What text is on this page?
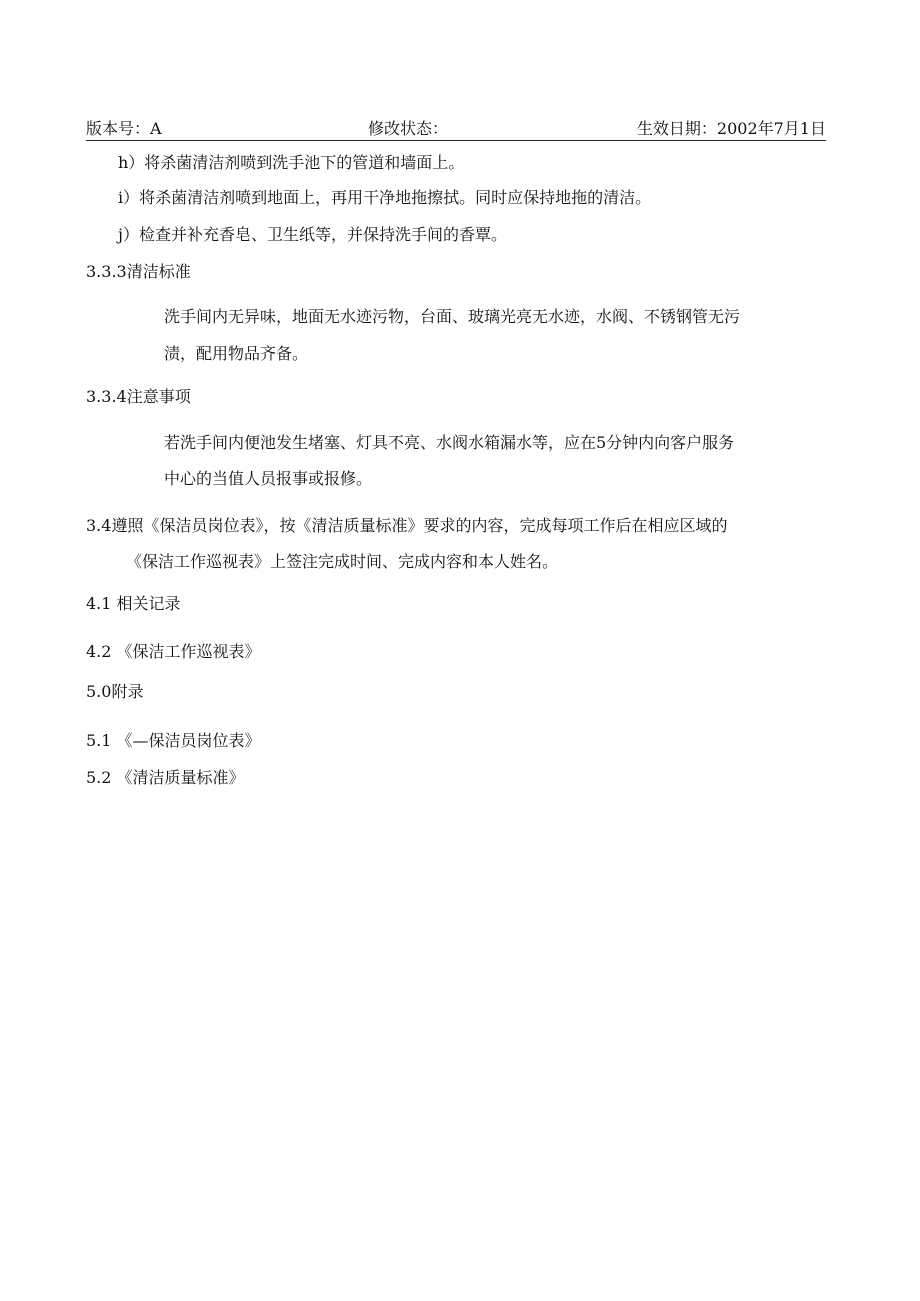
版本号：A	修改状态：	生效日期：2002年7月1日
h）将杀菌清洁剂喷到洗手池下的管道和墙面上。
i）将杀菌清洁剂喷到地面上，再用干净地拖擦拭。同时应保持地拖的清洁。
j）检查并补充香皂、卫生纸等，并保持洗手间的香覃。
3.3.3清洁标准
洗手间内无异味，地面无水迹污物，台面、玻璃光亮无水迹，水阀、不锈钢管无污
渍，配用物品齐备。
3.3.4注意事项
若洗手间内便池发生堵塞、灯具不亮、水阀水箱漏水等，应在5分钟内向客户服务
中心的当值人员报事或报修。
3.4遵照《保洁员岗位表》，按《清洁质量标准》要求的内容，完成每项工作后在相应区域的
《保洁工作巡视表》上签注完成时间、完成内容和本人姓名。
4.1 相关记录
4.2 《保洁工作巡视表》
5.0附录
5.1 《—保洁员岗位表》
5.2 《清洁质量标准》
